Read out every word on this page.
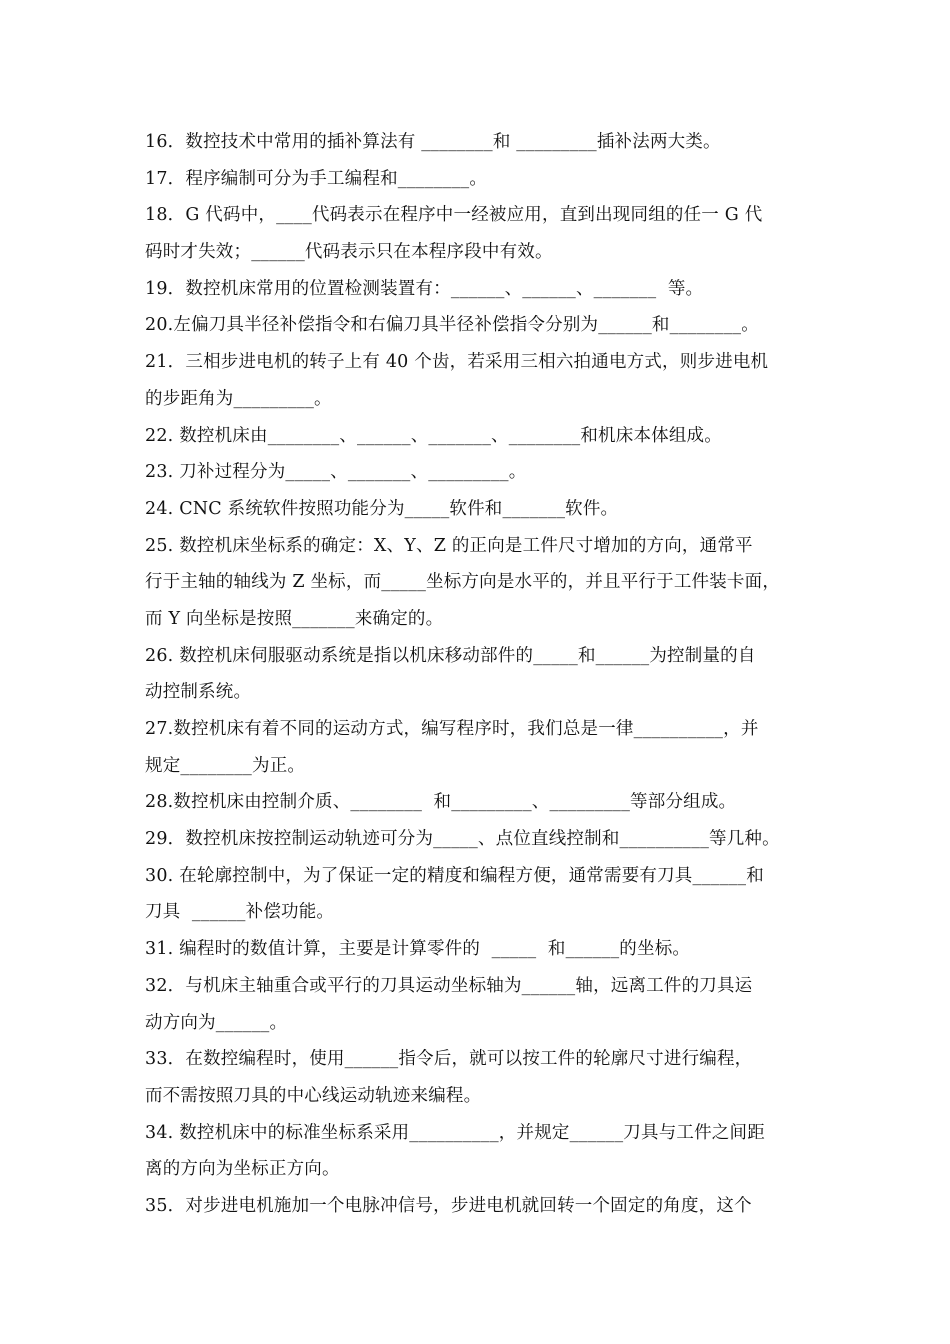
16．数控技术中常用的插补算法有 ________和 _________插补法两大类。
17．程序编制可分为手工编程和________。
18．G 代码中，____代码表示在程序中一经被应用，直到出现同组的任一 G 代
码时才失效；______代码表示只在本程序段中有效。
19．数控机床常用的位置检测装置有：______、______、_______  等。
20.左偏刀具半径补偿指令和右偏刀具半径补偿指令分别为______和________。
21．三相步进电机的转子上有 40 个齿，若采用三相六拍通电方式，则步进电机
的步距角为_________。
22. 数控机床由________、______、_______、________和机床本体组成。
23. 刀补过程分为_____、_______、_________。
24. CNC 系统软件按照功能分为_____软件和_______软件。
25. 数控机床坐标系的确定：X、Y、Z 的正向是工件尺寸增加的方向，通常平
行于主轴的轴线为 Z 坐标，而_____坐标方向是水平的，并且平行于工件装卡面，
而 Y 向坐标是按照_______来确定的。
26. 数控机床伺服驱动系统是指以机床移动部件的_____和______为控制量的自
动控制系统。
27.数控机床有着不同的运动方式，编写程序时，我们总是一律__________，并
规定________为正。
28.数控机床由控制介质、________  和_________、_________等部分组成。
29．数控机床按控制运动轨迹可分为_____、点位直线控制和__________等几种。
30. 在轮廓控制中，为了保证一定的精度和编程方便，通常需要有刀具______和
刀具  ______补偿功能。
31. 编程时的数值计算，主要是计算零件的  _____  和______的坐标。
32．与机床主轴重合或平行的刀具运动坐标轴为______轴，远离工件的刀具运
动方向为______。
33．在数控编程时，使用______指令后，就可以按工件的轮廓尺寸进行编程，
而不需按照刀具的中心线运动轨迹来编程。
34. 数控机床中的标准坐标系采用__________，并规定______刀具与工件之间距
离的方向为坐标正方向。
35．对步进电机施加一个电脉冲信号，步进电机就回转一个固定的角度，这个
